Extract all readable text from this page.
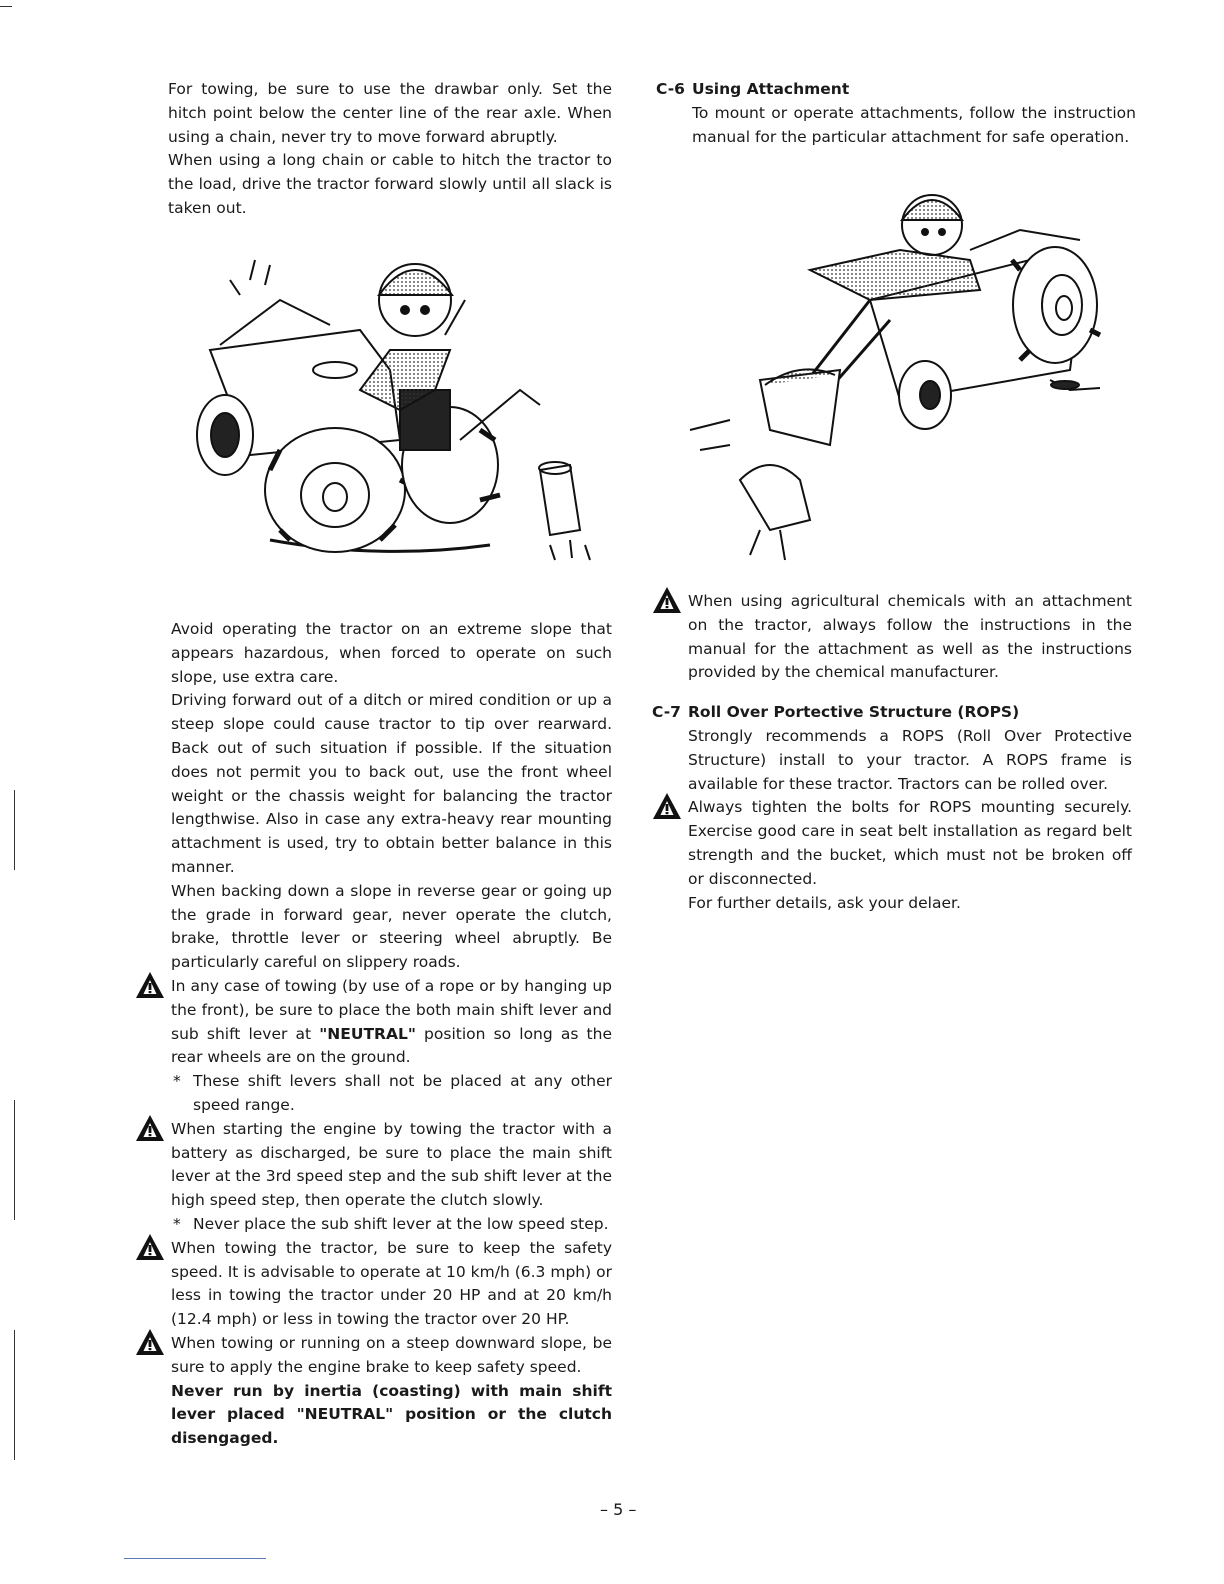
For towing, be sure to use the drawbar only. Set the hitch point below the center line of the rear axle. When using a chain, never try to move forward abruptly.

When using a long chain or cable to hitch the tractor to the load, drive the tractor forward slowly until all slack is taken out.

Avoid operating the tractor on an extreme slope that appears hazardous, when forced to operate on such slope, use extra care.

Driving forward out of a ditch or mired condition or up a steep slope could cause tractor to tip over rearward. Back out of such situation if possible. If the situation does not permit you to back out, use the front wheel weight or the chassis weight for balancing the tractor lengthwise. Also in case any extra-heavy rear mounting attachment is used, try to obtain better balance in this manner.

When backing down a slope in reverse gear or going up the grade in forward gear, never operate the clutch, brake, throttle lever or steering wheel abruptly. Be particularly careful on slippery roads.

In any case of towing (by use of a rope or by hanging up the front), be sure to place the both main shift lever and sub shift lever at "NEUTRAL" position so long as the rear wheels are on the ground.

* These shift levers shall not be placed at any other speed range.

When starting the engine by towing the tractor with a battery as discharged, be sure to place the main shift lever at the 3rd speed step and the sub shift lever at the high speed step, then operate the clutch slowly.

* Never place the sub shift lever at the low speed step.

When towing the tractor, be sure to keep the safety speed. It is advisable to operate at 10 km/h (6.3 mph) or less in towing the tractor under 20 HP and at 20 km/h (12.4 mph) or less in towing the tractor over 20 HP.

When towing or running on a steep downward slope, be sure to apply the engine brake to keep safety speed.

Never run by inertia (coasting) with main shift lever placed "NEUTRAL" position or the clutch disengaged.

C-6 Using Attachment

To mount or operate attachments, follow the instruction manual for the particular attachment for safe operation.

When using agricultural chemicals with an attachment on the tractor, always follow the instructions in the manual for the attachment as well as the instructions provided by the chemical manufacturer.

C-7 Roll Over Portective Structure (ROPS)

Strongly recommends a ROPS (Roll Over Protective Structure) install to your tractor. A ROPS frame is available for these tractor. Tractors can be rolled over.

Always tighten the bolts for ROPS mounting securely. Exercise good care in seat belt installation as regard belt strength and the bucket, which must not be broken off or disconnected.

For further details, ask your delaer.

– 5 –
